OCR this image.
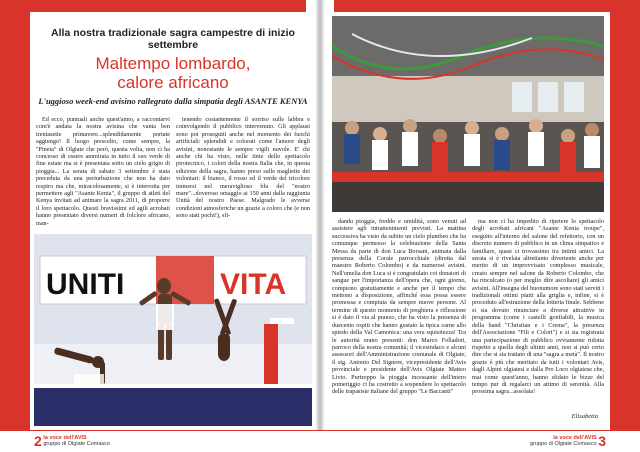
Alla nostra tradizionale sagra campestre di inizio settembre
Maltempo lombardo,
calore africano
L'uggioso week-end avisino rallegrato dalla simpatia degli ASANTE KENYA

Ed ecco, puntuali anche quest'anno, a raccontarvi com'è andata la nostra avisina che vanta ben trentasette primavere...splendidamente portate aggiungo! Il luogo prescelto, come sempre, la "Pineta" di Olgiate che però, questa volta, non ci ha concesso di essere ammirata in tutto il suo verde di fine estate ma si è presentata sotto un cielo grigio di pioggia... La serata di sabato 3 settembre è stata preceduta da una perturbazione che non ha dato respiro ma che, miracolosamente, si è interrotta per permettere agli "Asante Kenia", il gruppo di atleti del Kenya invitati ad animare la sagra 2011, di proporre il loro spettacolo. Questi bravissimi ed agili acrobati hanno presentato diversi numeri di folclore africano, man-

tenendo costantemente il sorriso sulle labbra e coinvolgendo il pubblico intervenuto. Gli applausi sono poi proseguiti anche nel momento dei fuochi artificiali: splendidi e colorati come l'amore degli avisini, nonostante le sempre vigili nuvole. E' chi anche chi ha visto, nelle tinte dello spettacolo pirotecnico, i colori della nostra Italia che, in questa edizione della sagra, hanno preso sulle magliette dei volontari: il bianco, il rosso ed il verde del tricolore immersi nel meraviglioso blu del "nostro mare"...doveroso omaggio ai 150 anni dalla raggiunta Unità del nostro Paese. Malgrado le avverse condizioni atmosferiche un grazie a coloro che (e non sono stati pochi!), sfi-

UNITI	VITA

dando pioggia, freddo e umidità, sono venuti ad assistere agli intrattenimenti previsti. La mattina successiva ha visto da subito un cielo plumbeo che ha comunque permesso la celebrazione della Santa Messa da parte di don Luca Borsani, animata dalla presenza della Corale parrocchiale (diretta dal maestro Roberto Colombo) e da numerosi avisini. Nell'omelia don Luca si è congratulato coi donatori di sangue per l'importanza dell'opera che, ogni giorno, compiono gratuitamente e anche per il tempo che mettono a disposizione, affinché essa possa essere promossa e compiuta da sempre nuove persone. Al termine di questo momento di preghiera e riflessione si è dato il via al pranzo, che ha visto la presenza di duecento ospiti che hanno gustato la tipica carne allo spiedo della Val Camonica: una vera squisitezza! Tra le autorità erano presenti: don Marco Folladori, parroco della nostra comunità; il vicesindaco e alcuni assessori dell'Amministrazione comunale di Olgiate; il sig. Antonio Del Signore, vicepresidente dell'Avis provinciale e presidente dell'Avis Olgiate Matteo Livio. Purtroppo la pioggia incessante dell'intero pomeriggio ci ha costretto a sospendere lo spettacolo delle trapasiste italiane del gruppo "Le Baccanti"

ma non ci ha impedito di ripetere lo spettacolo degli acrobati africani "Asante Kenia troupe", eseguito all'interno del salone del refettorio, con un discreto numero di pubblico in un clima simpatico e familiare, quasi ci trovassimo tra intimi amici. La serata si è rivelata altrettanto divertente anche per merito di un improvvisato complesso musicale, creato sempre nel salone da Roberto Colombo, che ha rinculcato (o per meglio dire ascoltare) gli amici avisini. All'insegna del buonumore sono stati serviti i tradizionali ottimi piatti alla griglia e, infine, si è proceduto all'estrazione della lotteria finale. Sebbene si sia dovuto rinunciare a diverse attrattive in programma (come i castelli gonfiabili, la musica della band "Christian e i Crema", la presenza dell'Associazione "Fili e Colori") e si sia registrata una partecipazione di pubblico ovviamente ridotta rispetto a quella degli ultimi anni, non si può certo dire che si sia trattato di una "sagra a metà". Il nostro grazie è più che meritato da tutti i volontari Avis, dagli Alpini olgiatesi e dalla Pro Loco olgiatese che, mai come quest'anno, hanno sfidato le bizze del tempo pur di regalarci un attimo di serenità. Alla prossima sagra...assolata!

Elisabetta
2 la voce dell'AVIS
gruppo di Olgiate Comasco
la voce dell'AVIS
gruppo di Olgiate Comasco 3
